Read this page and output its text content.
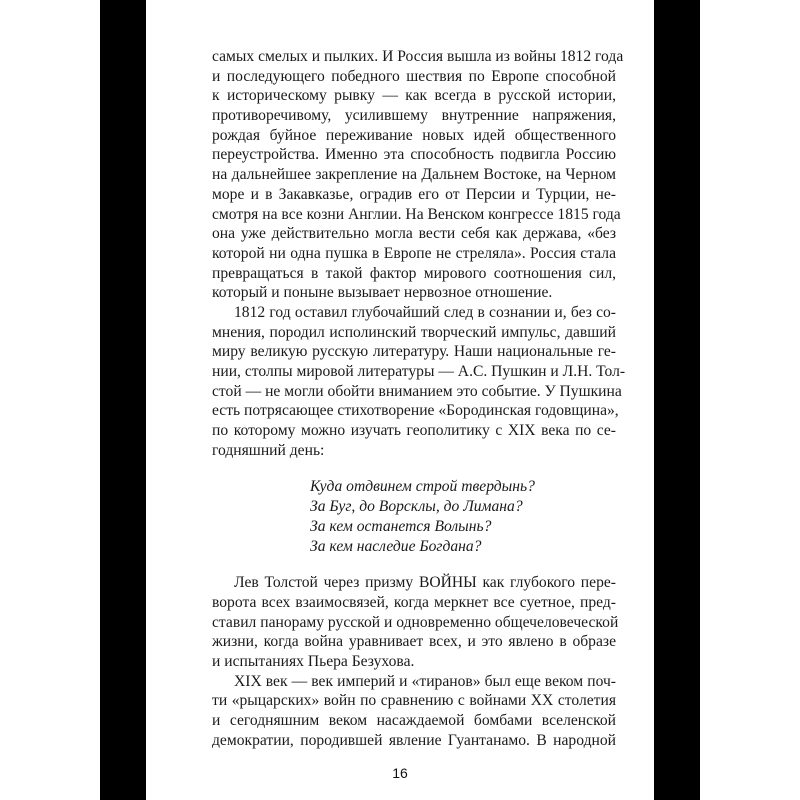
самых смелых и пылких. И Россия вышла из войны 1812 года
и последующего победного шествия по Европе способной
к историческому рывку — как всегда в русской истории,
противоречивому, усилившему внутренние напряжения,
рождая буйное переживание новых идей общественного
переустройства. Именно эта способность подвигла Россию
на дальнейшее закрепление на Дальнем Востоке, на Черном
море и в Закавказье, оградив его от Персии и Турции, не-
смотря на все козни Англии. На Венском конгрессе 1815 года
она уже действительно могла вести себя как держава, «без
которой ни одна пушка в Европе не стреляла». Россия стала
превращаться в такой фактор мирового соотношения сил,
который и поныне вызывает нервозное отношение.
1812 год оставил глубочайший след в сознании и, без со-
мнения, породил исполинский творческий импульс, давший
миру великую русскую литературу. Наши национальные ге-
нии, столпы мировой литературы — А.С. Пушкин и Л.Н. Тол-
стой — не могли обойти вниманием это событие. У Пушкина
есть потрясающее стихотворение «Бородинская годовщина»,
по которому можно изучать геополитику с XIX века по се-
годняшний день:
Куда отдвинем строй твердынь?
За Буг, до Ворсклы, до Лимана?
За кем останется Волынь?
За кем наследие Богдана?
Лев Толстой через призму ВОЙНЫ как глубокого пере-
ворота всех взаимосвязей, когда меркнет все суетное, пред-
ставил панораму русской и одновременно общечеловеческой
жизни, когда война уравнивает всех, и это явлено в образе
и испытаниях Пьера Безухова.
XIX век — век империй и «тиранов» был еще веком поч-
ти «рыцарских» войн по сравнению с войнами XX столетия
и сегодняшним веком насаждаемой бомбами вселенской
демократии, породившей явление Гуантанамо. В народной
16
